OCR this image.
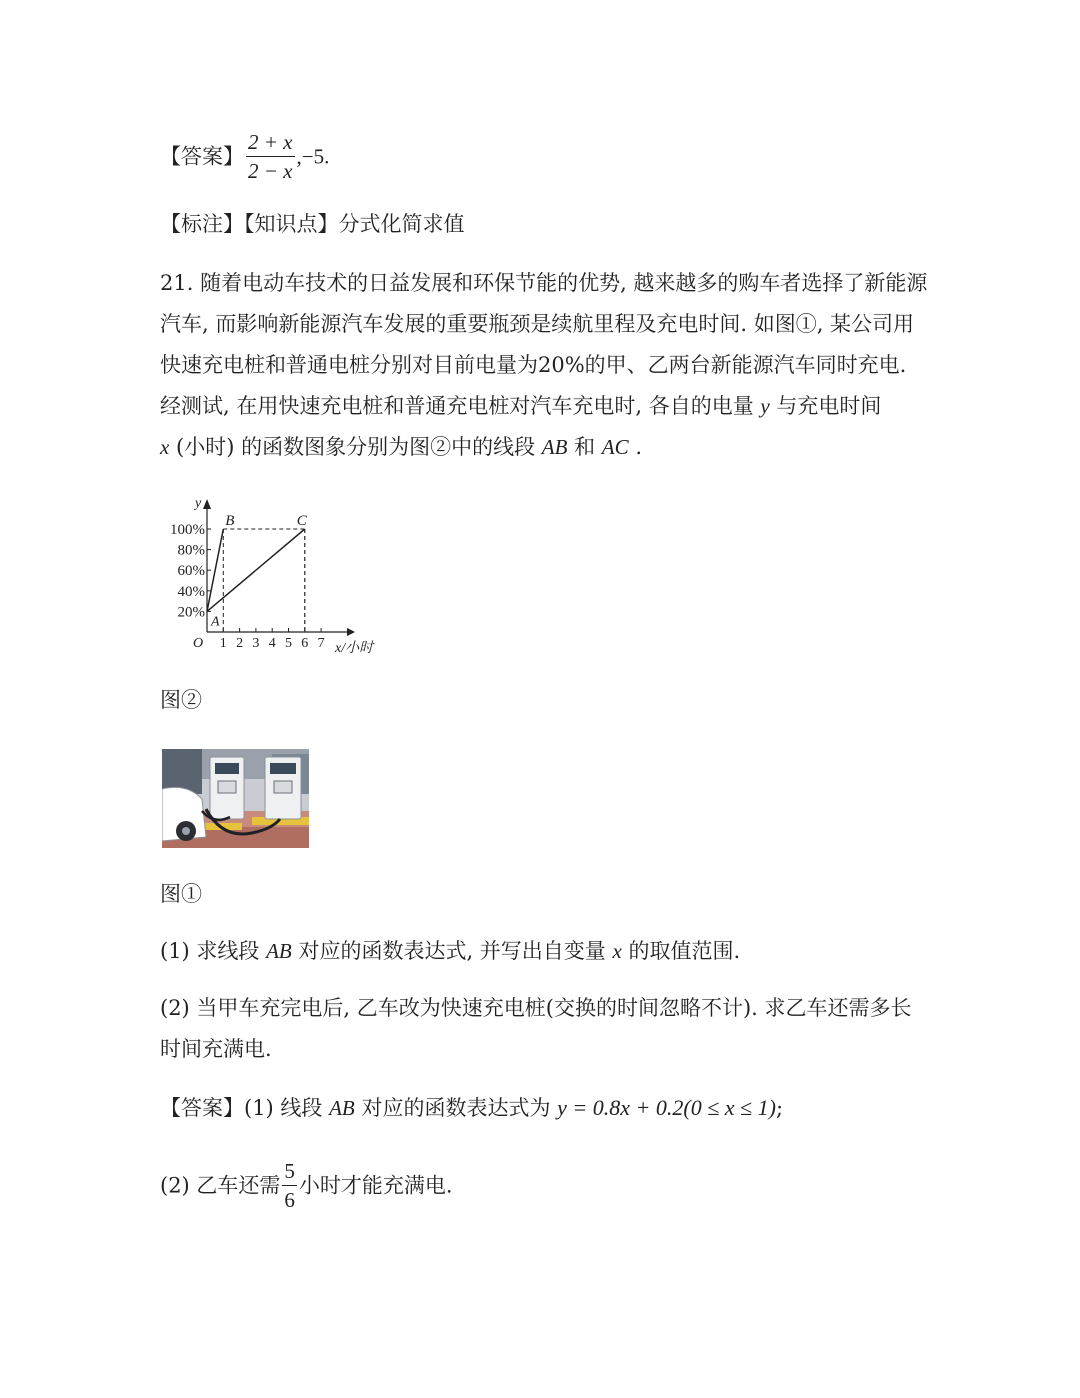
【答案】 $\frac{2 + x}{2 - x} ,-5$.
【标注】【知识点】分式化简求值

21. 随着电动车技术的日益发展和环保节能的优势, 越来越多的购车者选择了新能源

汽车, 而影响新能源汽车发展的重要瓶颈是续航里程及充电时间. 如图①, 某公司用

快速充电桩和普通电桩分别对目前电量为20%的甲、乙两台新能源汽车同时充电.

经测试, 在用快速充电桩和普通充电桩对汽车充电时, 各自的电量 y 与充电时间

x (小时) 的函数图象分别为图②中的线段 AB 和 AC .

y
x/小时
100%
80%
60%
40%
20%
1 2 3 4 5 6 7
O
B	C
A
图②
图①
(1) 求线段 AB 对应的函数表达式, 并写出自变量 x 的取值范围.

(2) 当甲车充完电后, 乙车改为快速充电桩(交换的时间忽略不计). 求乙车还需多长

时间充满电.

【答案】(1) 线段 AB 对应的函数表达式为 y = 0.8x + 0.2(0 ≤ x ≤ 1);
(2) 乙车还需 $\frac{5}{6}$ 小时才能充满电.
